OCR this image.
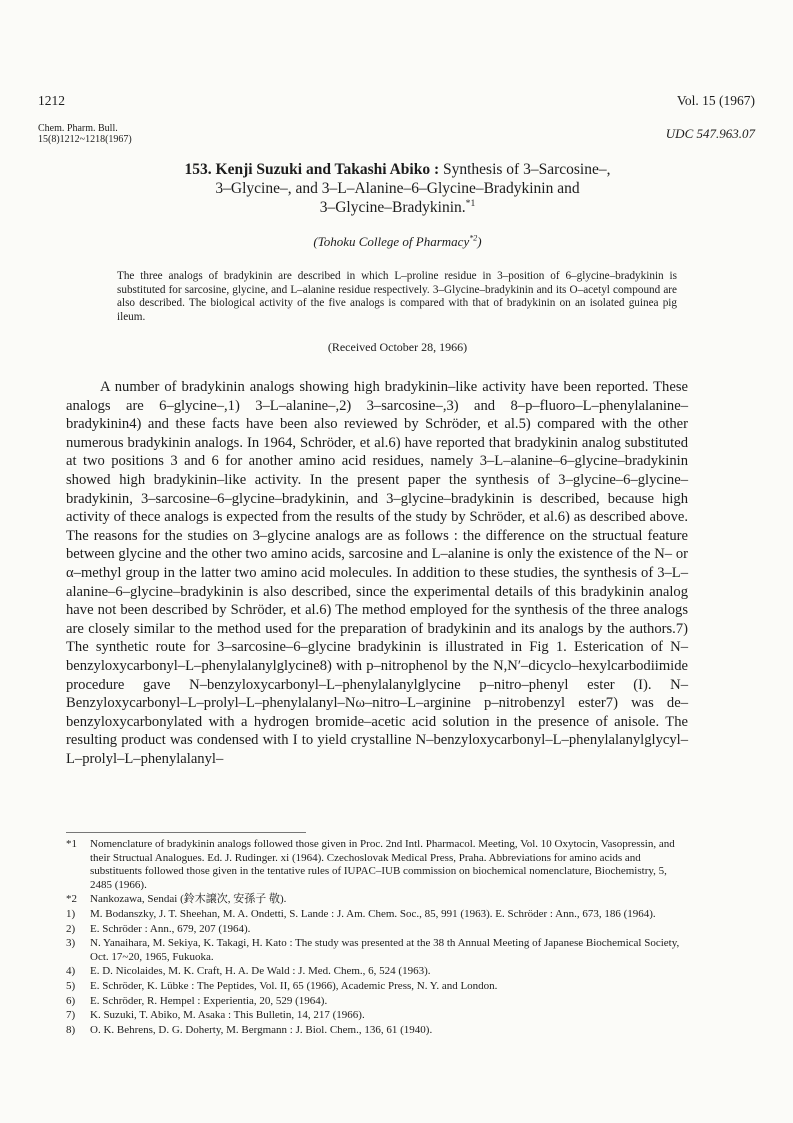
1212	Vol. 15 (1967)
Chem. Pharm. Bull.
15(8)1212~1218(1967)	UDC 547.963.07
153. Kenji Suzuki and Takashi Abiko : Synthesis of 3–Sarcosine–,
3–Glycine–, and 3–L–Alanine–6–Glycine–Bradykinin and
3–Glycine–Bradykinin.$^{*1}$
(Tohoku College of Pharmacy$^{*2}$)
The three analogs of bradykinin are described in which L–proline residue in 3–position of 6–glycine–bradykinin is substituted for sarcosine, glycine, and L–alanine residue respectively. 3–Glycine–bradykinin and its O–acetyl compound are also described. The biological activity of the five analogs is compared with that of bradykinin on an isolated guinea pig ileum.
(Received October 28, 1966)

A number of bradykinin analogs showing high bradykinin–like activity have been reported. These analogs are 6–glycine–,1) 3–L–alanine–,2) 3–sarcosine–,3) and 8–p–fluoro–L–phenylalanine–bradykinin4) and these facts have been also reviewed by Schröder, et al.5) compared with the other numerous bradykinin analogs. In 1964, Schröder, et al.6) have reported that bradykinin analog substituted at two positions 3 and 6 for another amino acid residues, namely 3–L–alanine–6–glycine–bradykinin showed high bradykinin–like activity. In the present paper the synthesis of 3–glycine–6–glycine–bradykinin, 3–sarcosine–6–glycine–bradykinin, and 3–glycine–bradykinin is described, because high activity of thece analogs is expected from the results of the study by Schröder, et al.6) as described above. The reasons for the studies on 3–glycine analogs are as follows : the difference on the structual feature between glycine and the other two amino acids, sarcosine and L–alanine is only the existence of the N– or α–methyl group in the latter two amino acid molecules. In addition to these studies, the synthesis of 3–L–alanine–6–glycine–bradykinin is also described, since the experimental details of this bradykinin analog have not been described by Schröder, et al.6) The method employed for the synthesis of the three analogs are closely similar to the method used for the preparation of bradykinin and its analogs by the authors.7) The synthetic route for 3–sarcosine–6–glycine bradykinin is illustrated in Fig 1. Esterication of N–benzyloxycarbonyl–L–phenylalanylglycine8) with p–nitrophenol by the N,N′–dicyclo–hexylcarbodiimide procedure gave N–benzyloxycarbonyl–L–phenylalanylglycine p–nitro–phenyl ester (I). N–Benzyloxycarbonyl–L–prolyl–L–phenylalanyl–Nω–nitro–L–arginine p–nitrobenzyl ester7) was de–benzyloxycarbonylated with a hydrogen bromide–acetic acid solution in the presence of anisole. The resulting product was condensed with I to yield crystalline N–benzyloxycarbonyl–L–phenylalanylglycyl–L–prolyl–L–phenylalanyl–

*1	Nomenclature of bradykinin analogs followed those given in Proc. 2nd Intl. Pharmacol. Meeting, Vol. 10 Oxytocin, Vasopressin, and their Structual Analogues. Ed. J. Rudinger. xi (1964). Czechoslovak Medical Press, Praha. Abbreviations for amino acids and substituents followed those given in the tentative rules of IUPAC–IUB commission on biochemical nomenclature, Biochemistry, 5, 2485 (1966).
*2	Nankozawa, Sendai (鈴木譲次, 安孫子 敬).
1)	M. Bodanszky, J. T. Sheehan, M. A. Ondetti, S. Lande : J. Am. Chem. Soc., 85, 991 (1963). E. Schröder : Ann., 673, 186 (1964).
2)	E. Schröder : Ann., 679, 207 (1964).
3)	N. Yanaihara, M. Sekiya, K. Takagi, H. Kato : The study was presented at the 38 th Annual Meeting of Japanese Biochemical Society, Oct. 17~20, 1965, Fukuoka.
4)	E. D. Nicolaides, M. K. Craft, H. A. De Wald : J. Med. Chem., 6, 524 (1963).
5)	E. Schröder, K. Lübke : The Peptides, Vol. II, 65 (1966), Academic Press, N. Y. and London.
6)	E. Schröder, R. Hempel : Experientia, 20, 529 (1964).
7)	K. Suzuki, T. Abiko, M. Asaka : This Bulletin, 14, 217 (1966).
8)	O. K. Behrens, D. G. Doherty, M. Bergmann : J. Biol. Chem., 136, 61 (1940).
